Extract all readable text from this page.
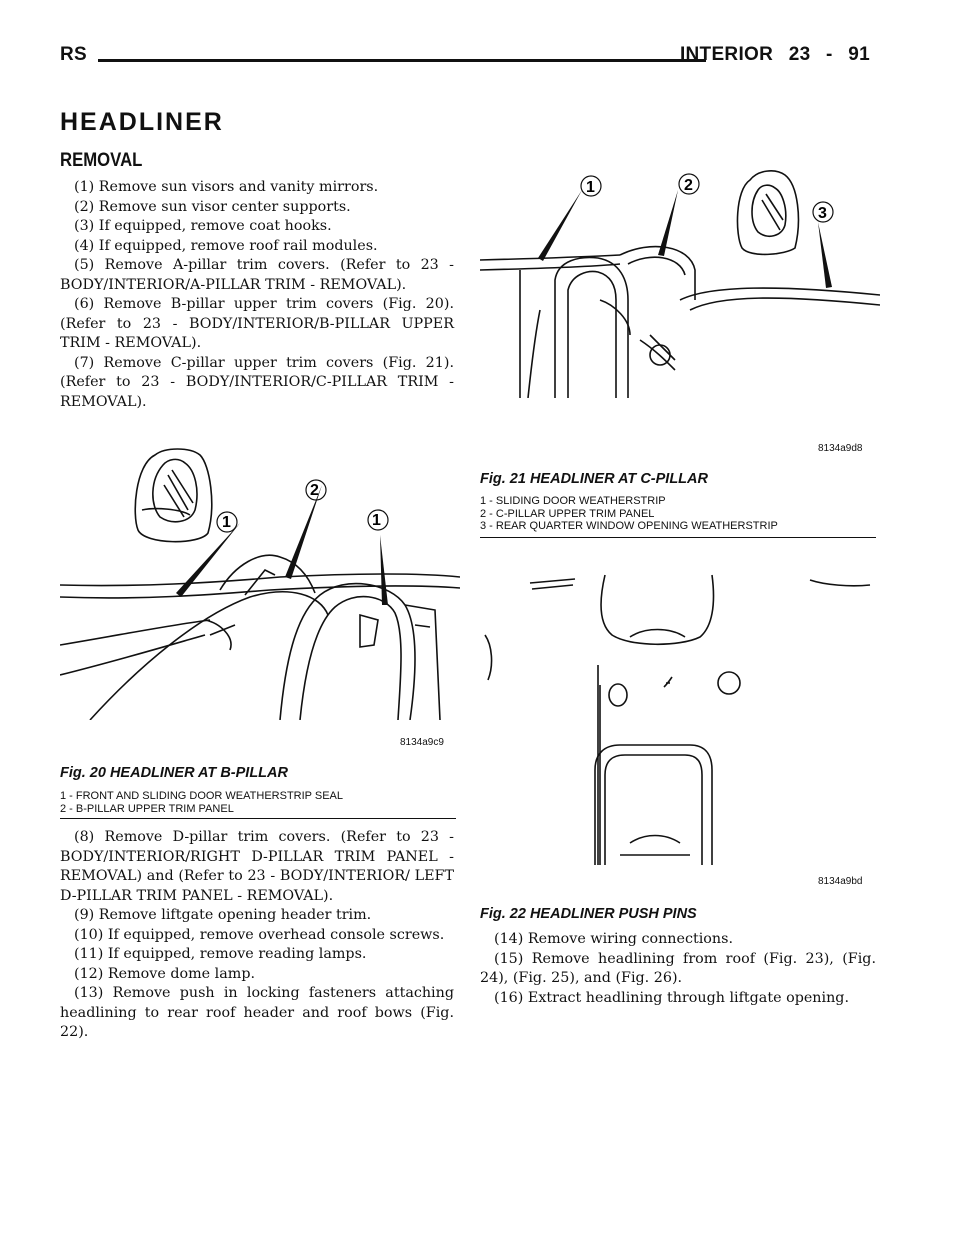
RS	INTERIOR 23 - 91
HEADLINER
REMOVAL

(1) Remove sun visors and vanity mirrors.

(2) Remove sun visor center supports.

(3) If equipped, remove coat hooks.

(4) If equipped, remove roof rail modules.

(5) Remove A-pillar trim covers. (Refer to 23 - BODY/INTERIOR/A-PILLAR TRIM - REMOVAL).

(6) Remove B-pillar upper trim covers (Fig. 20). (Refer to 23 - BODY/INTERIOR/B-PILLAR UPPER TRIM - REMOVAL).

(7) Remove C-pillar upper trim covers (Fig. 21). (Refer to 23 - BODY/INTERIOR/C-PILLAR TRIM - REMOVAL).

1
2
1
8134a9c9
Fig. 20 HEADLINER AT B-PILLAR
1 - FRONT AND SLIDING DOOR WEATHERSTRIP SEAL
2 - B-PILLAR UPPER TRIM PANEL

(8) Remove D-pillar trim covers. (Refer to 23 - BODY/INTERIOR/RIGHT D-PILLAR TRIM PANEL - REMOVAL) and (Refer to 23 - BODY/INTERIOR/ LEFT D-PILLAR TRIM PANEL - REMOVAL).

(9) Remove liftgate opening header trim.

(10) If equipped, remove overhead console screws.

(11) If equipped, remove reading lamps.

(12) Remove dome lamp.

(13) Remove push in locking fasteners attaching headlining to rear roof header and roof bows (Fig. 22).

1	2
3
8134a9d8
Fig. 21 HEADLINER AT C-PILLAR
1 - SLIDING DOOR WEATHERSTRIP
2 - C-PILLAR UPPER TRIM PANEL
3 - REAR QUARTER WINDOW OPENING WEATHERSTRIP
8134a9bd
Fig. 22 HEADLINER PUSH PINS

(14) Remove wiring connections.

(15) Remove headlining from roof (Fig. 23), (Fig. 24), (Fig. 25), and (Fig. 26).

(16) Extract headlining through liftgate opening.
